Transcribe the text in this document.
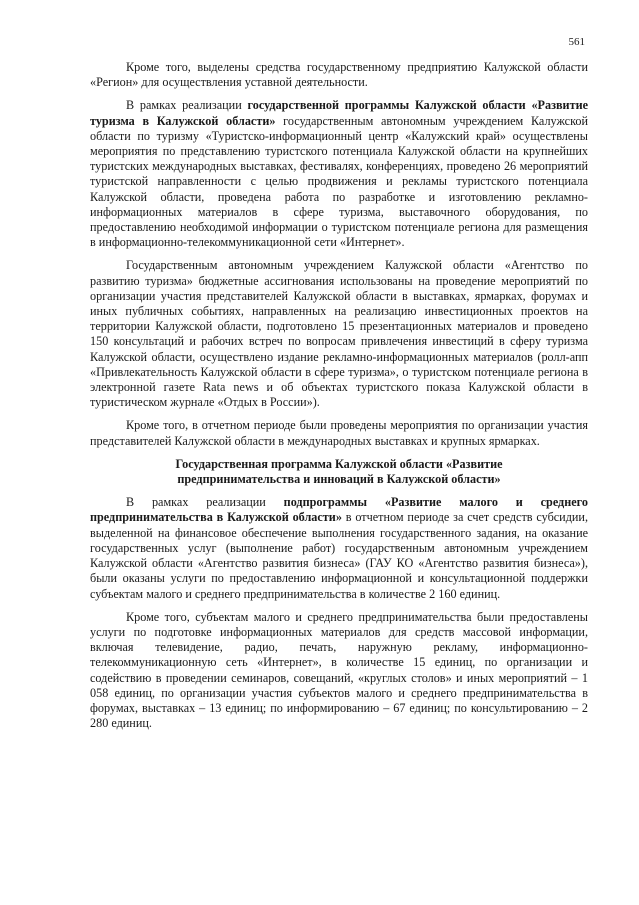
561

Кроме того, выделены средства государственному предприятию Калужской области «Регион» для осуществления уставной деятельности.

В рамках реализации государственной программы Калужской области «Развитие туризма в Калужской области» государственным автономным учреждением Калужской области по туризму «Туристско-информационный центр «Калужский край» осуществлены мероприятия по представлению туристского потенциала Калужской области на крупнейших туристских международных выставках, фестивалях, конференциях, проведено 26 мероприятий туристской направленности с целью продвижения и рекламы туристского потенциала Калужской области, проведена работа по разработке и изготовлению рекламно-информационных материалов в сфере туризма, выставочного оборудования, по предоставлению необходимой информации о туристском потенциале региона для размещения в информационно-телекоммуникационной сети «Интернет».

Государственным автономным учреждением Калужской области «Агентство по развитию туризма» бюджетные ассигнования использованы на проведение мероприятий по организации участия представителей Калужской области в выставках, ярмарках, форумах и иных публичных событиях, направленных на реализацию инвестиционных проектов на территории Калужской области, подготовлено 15 презентационных материалов и проведено 150 консультаций и рабочих встреч по вопросам привлечения инвестиций в сферу туризма Калужской области, осуществлено издание рекламно-информационных материалов (ролл-апп «Привлекательность Калужской области в сфере туризма», о туристском потенциале региона в электронной газете Rata news и об объектах туристского показа Калужской области в туристическом журнале «Отдых в России»).

Кроме того, в отчетном периоде были проведены мероприятия по организации участия представителей Калужской области в международных выставках и крупных ярмарках.

Государственная программа Калужской области «Развитие предпринимательства и инноваций в Калужской области»

В рамках реализации подпрограммы «Развитие малого и среднего предпринимательства в Калужской области» в отчетном периоде за счет средств субсидии, выделенной на финансовое обеспечение выполнения государственного задания, на оказание государственных услуг (выполнение работ) государственным автономным учреждением Калужской области «Агентство развития бизнеса» (ГАУ КО «Агентство развития бизнеса»), были оказаны услуги по предоставлению информационной и консультационной поддержки субъектам малого и среднего предпринимательства в количестве 2 160 единиц.

Кроме того, субъектам малого и среднего предпринимательства были предоставлены услуги по подготовке информационных материалов для средств массовой информации, включая телевидение, радио, печать, наружную рекламу, информационно-телекоммуникационную сеть «Интернет», в количестве 15 единиц, по организации и содействию в проведении семинаров, совещаний, «круглых столов» и иных мероприятий – 1 058 единиц, по организации участия субъектов малого и среднего предпринимательства в форумах, выставках – 13 единиц; по информированию – 67 единиц; по консультированию – 2 280 единиц.
